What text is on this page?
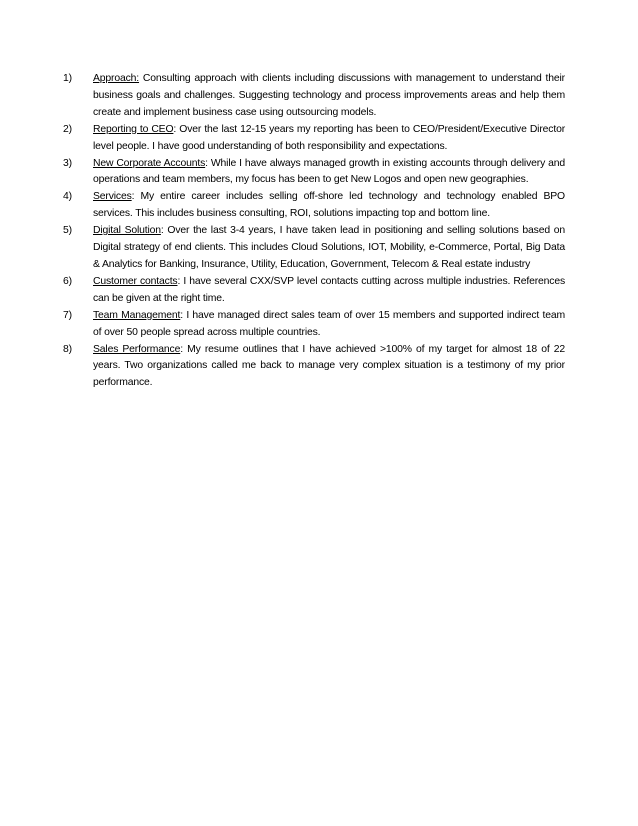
1) Approach: Consulting approach with clients including discussions with management to understand their business goals and challenges. Suggesting technology and process improvements areas and help them create and implement business case using outsourcing models.
2) Reporting to CEO: Over the last 12-15 years my reporting has been to CEO/President/Executive Director level people. I have good understanding of both responsibility and expectations.
3) New Corporate Accounts: While I have always managed growth in existing accounts through delivery and operations and team members, my focus has been to get New Logos and open new geographies.
4) Services: My entire career includes selling off-shore led technology and technology enabled BPO services. This includes business consulting, ROI, solutions impacting top and bottom line.
5) Digital Solution: Over the last 3-4 years, I have taken lead in positioning and selling solutions based on Digital strategy of end clients. This includes Cloud Solutions, IOT, Mobility, e-Commerce, Portal, Big Data & Analytics for Banking, Insurance, Utility, Education, Government, Telecom & Real estate industry
6) Customer contacts: I have several CXX/SVP level contacts cutting across multiple industries. References can be given at the right time.
7) Team Management: I have managed direct sales team of over 15 members and supported indirect team of over 50 people spread across multiple countries.
8) Sales Performance: My resume outlines that I have achieved >100% of my target for almost 18 of 22 years. Two organizations called me back to manage very complex situation is a testimony of my prior performance.
